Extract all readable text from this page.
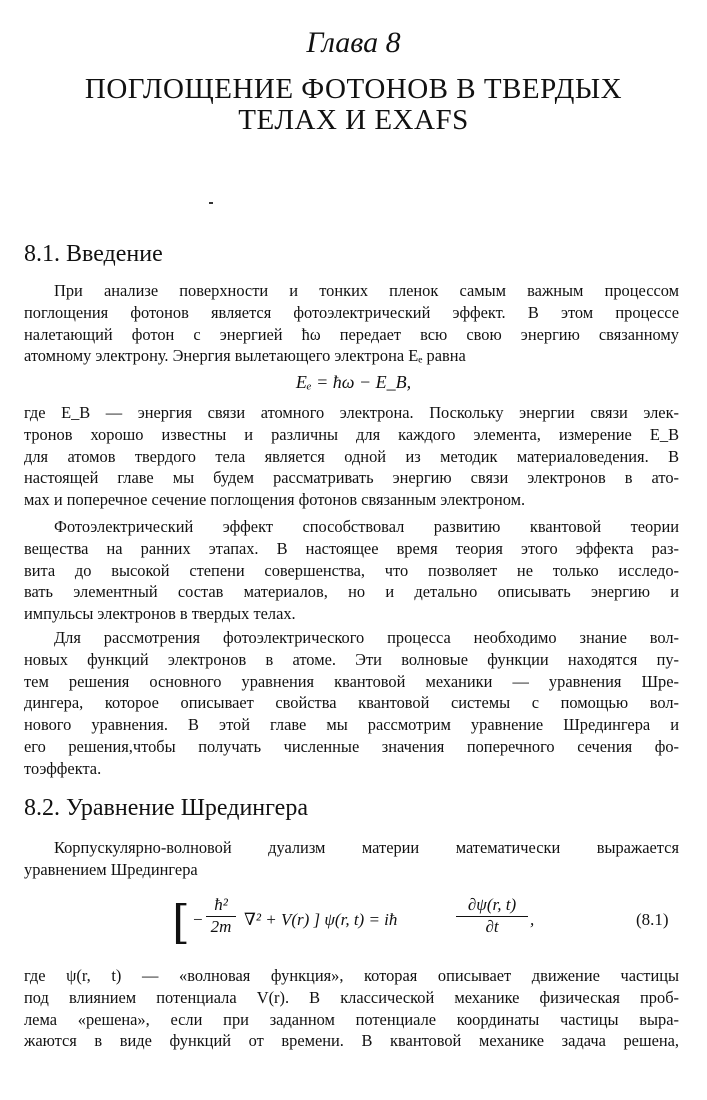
Глава 8
ПОГЛОЩЕНИЕ ФОТОНОВ В ТВЕРДЫХ
ТЕЛАХ И EXAFS
8.1. Введение

При анализе поверхности и тонких пленок самым важным процессом
поглощения фотонов является фотоэлектрический эффект. В этом процессе
налетающий фотон с энергией ħω передает всю свою энергию связанному
атомному электрону. Энергия вылетающего электрона Eₑ равна

Eₑ = ħω − E_B,

где E_B — энергия связи атомного электрона. Поскольку энергии связи элек-
тронов хорошо известны и различны для каждого элемента, измерение E_B
для атомов твердого тела является одной из методик материаловедения. В
настоящей главе мы будем рассматривать энергию связи электронов в ато-
мах и поперечное сечение поглощения фотонов связанным электроном.

Фотоэлектрический эффект способствовал развитию квантовой теории
вещества на ранних этапах. В настоящее время теория этого эффекта раз-
вита до высокой степени совершенства, что позволяет не только исследо-
вать элементный состав материалов, но и детально описывать энергию и
импульсы электронов в твердых телах.

Для рассмотрения фотоэлектрического процесса необходимо знание вол-
новых функций электронов в атоме. Эти волновые функции находятся пу-
тем решения основного уравнения квантовой механики — уравнения Шре-
дингера, которое описывает свойства квантовой системы с помощью вол-
нового уравнения. В этой главе мы рассмотрим уравнение Шредингера и
его решения,чтобы получать численные значения поперечного сечения фо-
тоэффекта.

8.2. Уравнение Шредингера

Корпускулярно-волновой дуализм материи математически выражается
уравнением Шредингера

[ − $\frac{\text{ħ²}}{2m} \nabla^2 + V(r)$ ] ψ(r, t) = iħ	$\frac{\partial\psi(r, t)}{\partial t}$ ,	(8.1)

где ψ(r, t) — «волновая функция», которая описывает движение частицы
под влиянием потенциала V(r). В классической механике физическая проб-
лема «решена», если при заданном потенциале координаты частицы выра-
жаются в виде функций от времени. В квантовой механике задача решена,
